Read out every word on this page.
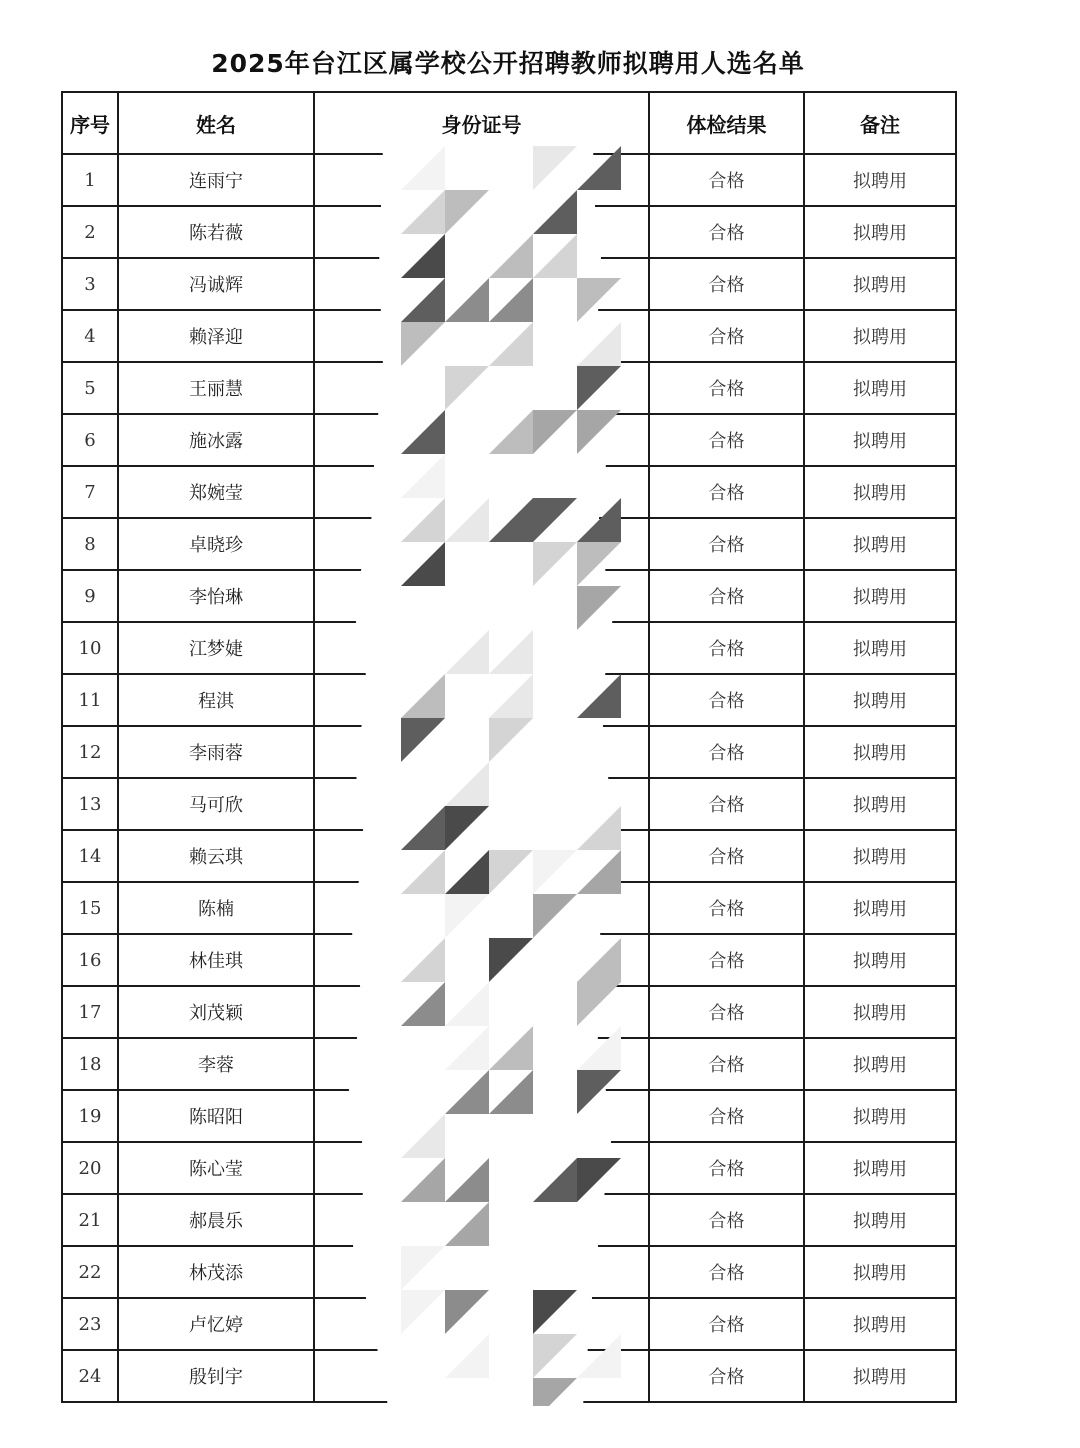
2025年台江区属学校公开招聘教师拟聘用人选名单
序号	姓名	身份证号	体检结果	备注
1	连雨宁		合格	拟聘用
2	陈若薇		合格	拟聘用
3	冯诚辉		合格	拟聘用
4	赖泽迎		合格	拟聘用
5	王丽慧		合格	拟聘用
6	施冰露		合格	拟聘用
7	郑婉莹		合格	拟聘用
8	卓晓珍		合格	拟聘用
9	李怡琳		合格	拟聘用
10	江梦婕		合格	拟聘用
11	程淇		合格	拟聘用
12	李雨蓉		合格	拟聘用
13	马可欣		合格	拟聘用
14	赖云琪		合格	拟聘用
15	陈楠		合格	拟聘用
16	林佳琪		合格	拟聘用
17	刘茂颖		合格	拟聘用
18	李蓉		合格	拟聘用
19	陈昭阳		合格	拟聘用
20	陈心莹		合格	拟聘用
21	郝晨乐		合格	拟聘用
22	林茂添		合格	拟聘用
23	卢忆婷		合格	拟聘用
24	殷钊宇		合格	拟聘用
